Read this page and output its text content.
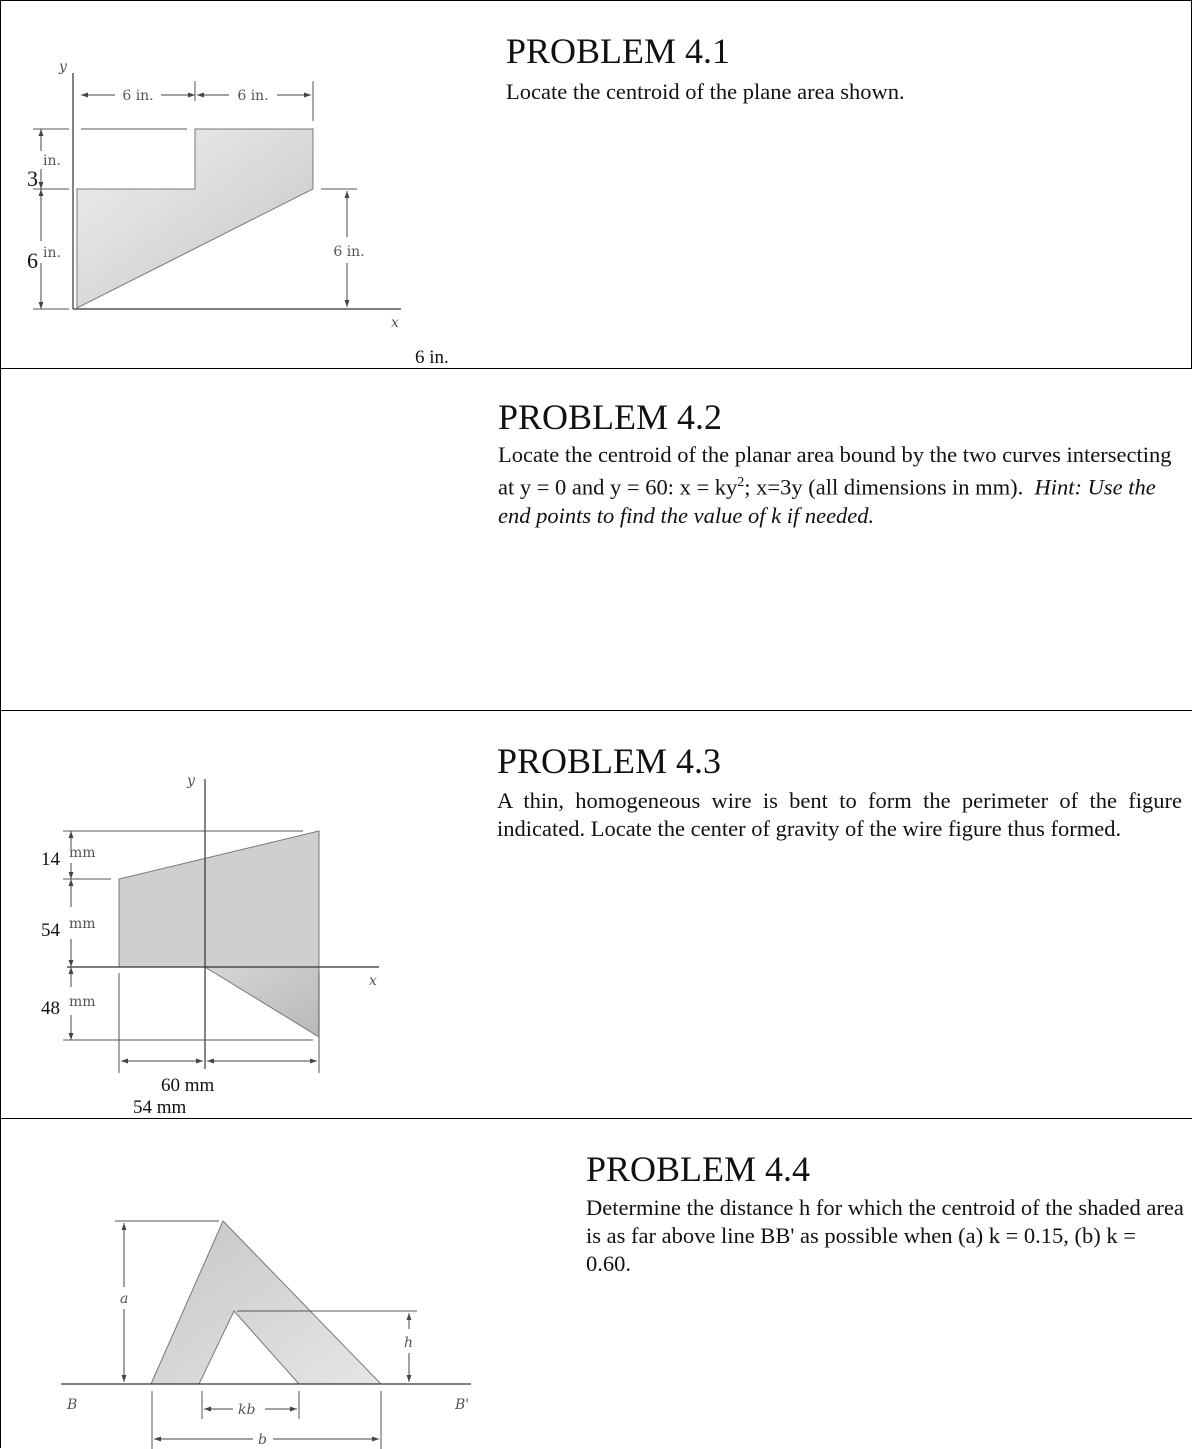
y
x
6 in.	6 in.
in.
3
in.
6	6 in.
6 in.
PROBLEM 4.1
Locate the centroid of the plane area shown.
PROBLEM 4.2
Locate the centroid of the planar area bound by the two curves intersecting at y = 0 and y = 60: $x = ky^2$; x=3y (all dimensions in mm). Hint: Use the end points to find the value of k if needed.
y
x
14 mm
54 mm
48 mm
60 mm
54 mm
PROBLEM 4.3
A thin, homogeneous wire is bent to form the perimeter of the figure indicated. Locate the center of gravity of the wire figure thus formed.
B	B'
a
h
kb
b
PROBLEM 4.4
Determine the distance h for which the centroid of the shaded area is as far above line BB' as possible when (a) k = 0.15, (b) k = 0.60.
